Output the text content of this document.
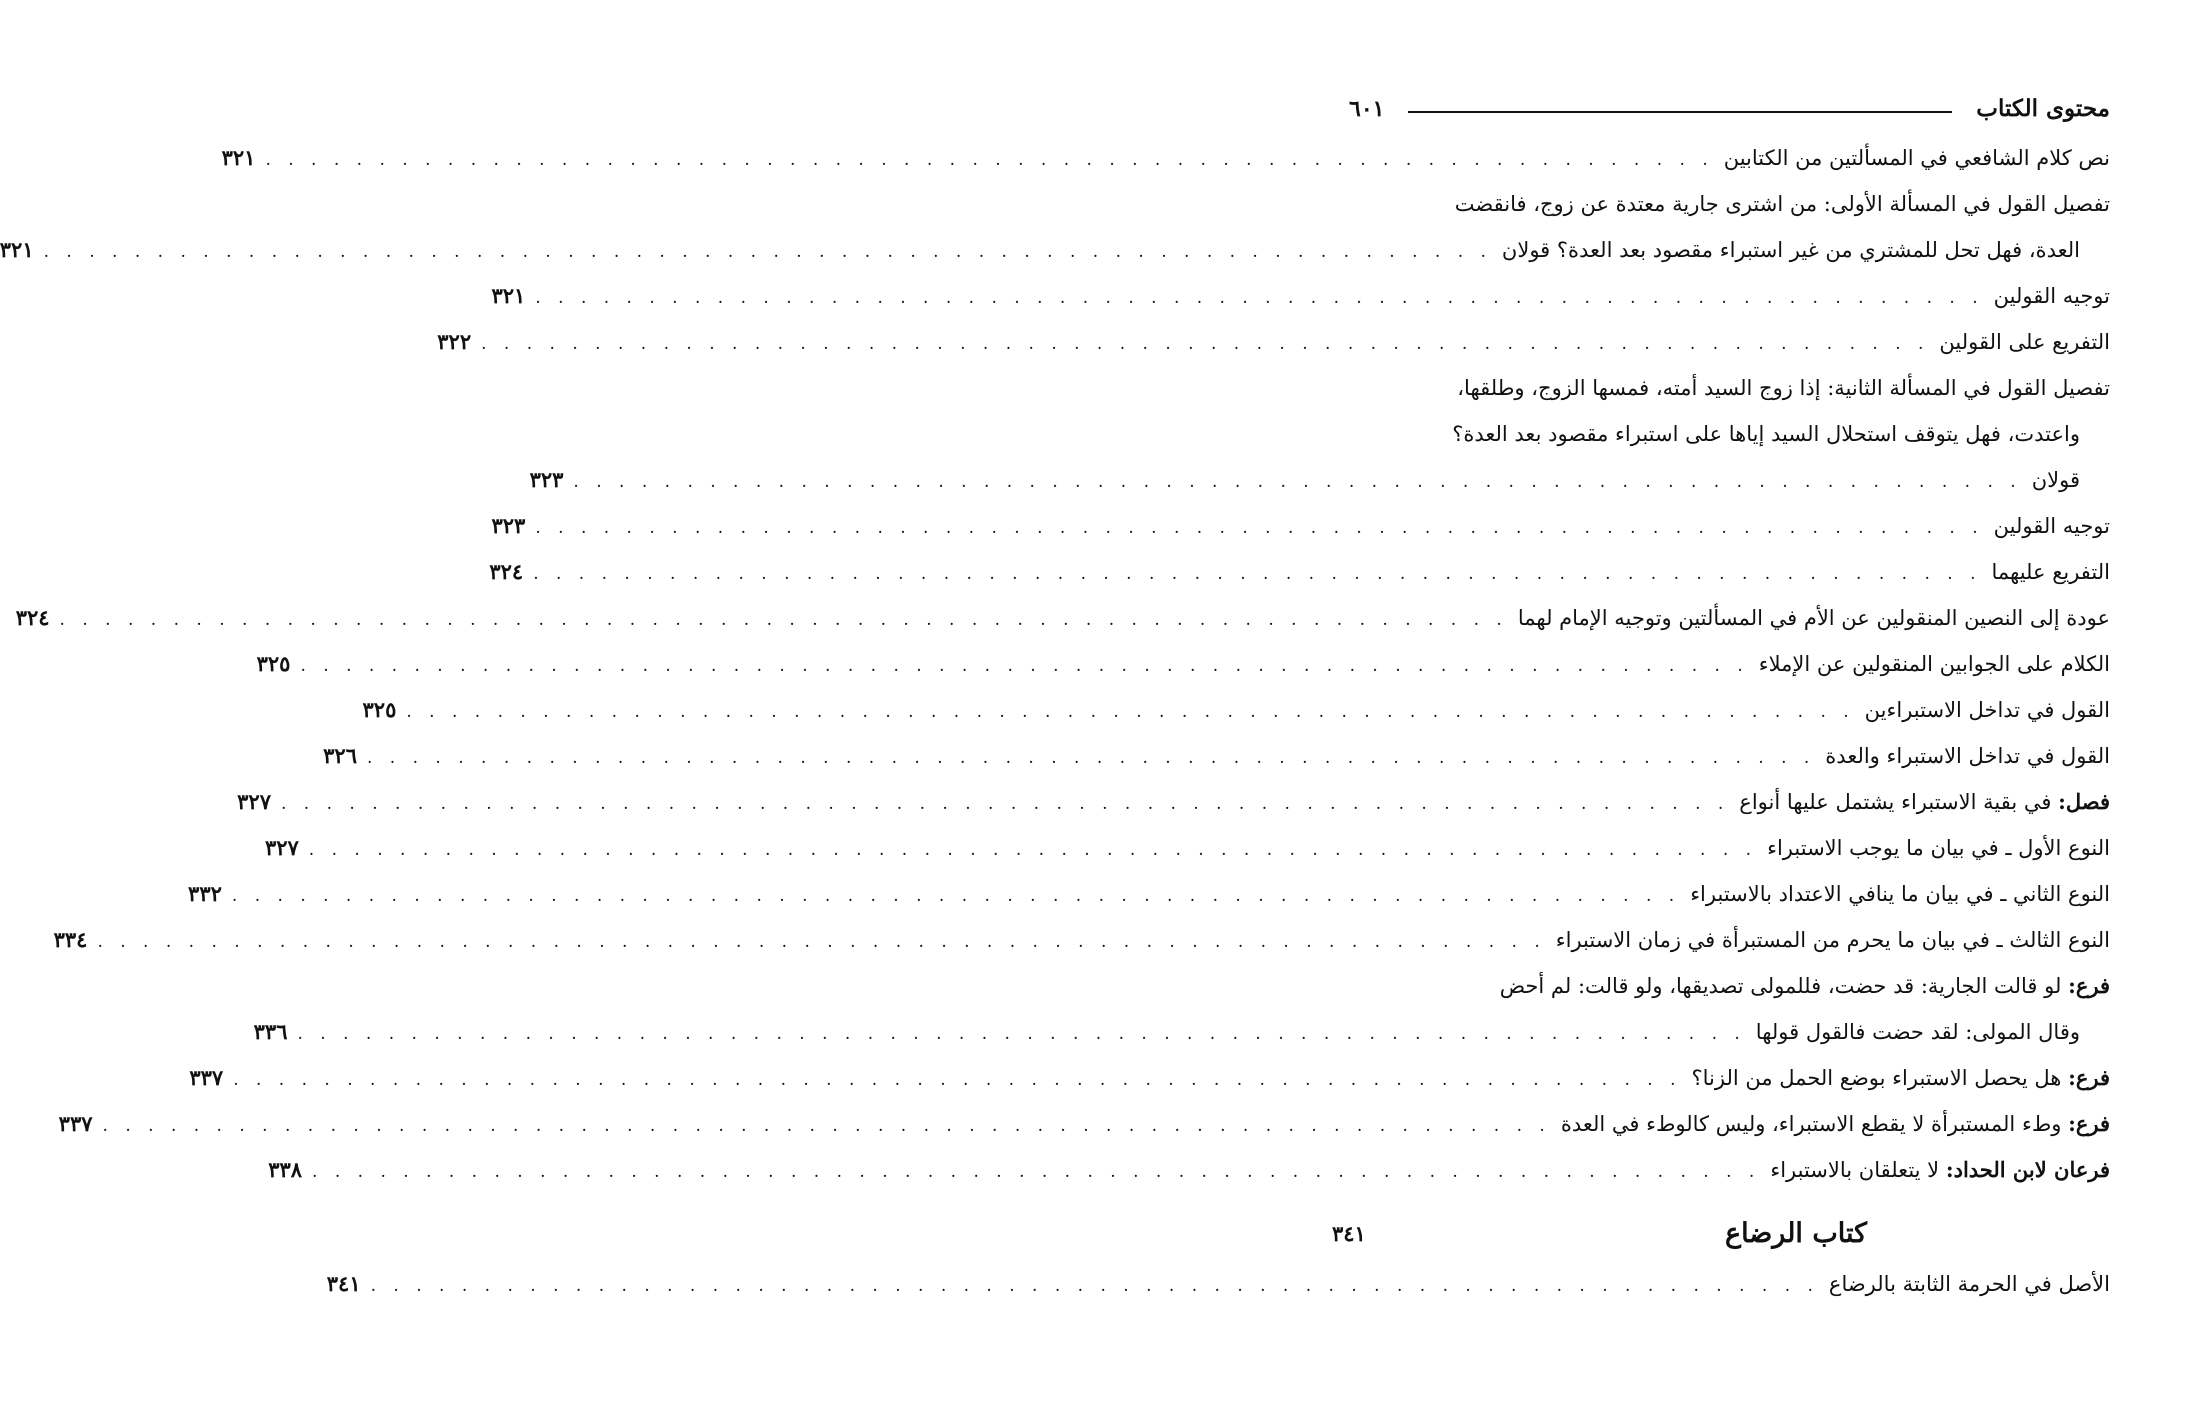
محتوى الكتاب
٦٠١
نص كلام الشافعي في المسألتين من الكتابين
. . . . . . . . . . . . . . . . . . . . . . . . . . . . . . . . . . . . . . . . . . . . . . . . . . . . . . . . . . . . . . . .
٣٢١
تفصيل القول في المسألة الأولى: من اشترى جارية معتدة عن زوج، فانقضت
العدة، فهل تحل للمشتري من غير استبراء مقصود بعد العدة؟ قولان
. . . . . . . . . . . . . . . . . . . . . . . . . . . . . . . . . . . . . . . . . . . . . . . . . . . . . . . . . . . . . . . .
٣٢١
توجيه القولين
. . . . . . . . . . . . . . . . . . . . . . . . . . . . . . . . . . . . . . . . . . . . . . . . . . . . . . . . . . . . . . . .
٣٢١
التفريع على القولين
. . . . . . . . . . . . . . . . . . . . . . . . . . . . . . . . . . . . . . . . . . . . . . . . . . . . . . . . . . . . . . . .
٣٢٢
تفصيل القول في المسألة الثانية: إذا زوج السيد أمته، فمسها الزوج، وطلقها،
واعتدت، فهل يتوقف استحلال السيد إياها على استبراء مقصود بعد العدة؟
قولان
. . . . . . . . . . . . . . . . . . . . . . . . . . . . . . . . . . . . . . . . . . . . . . . . . . . . . . . . . . . . . . . .
٣٢٣
توجيه القولين
. . . . . . . . . . . . . . . . . . . . . . . . . . . . . . . . . . . . . . . . . . . . . . . . . . . . . . . . . . . . . . . .
٣٢٣
التفريع عليهما
. . . . . . . . . . . . . . . . . . . . . . . . . . . . . . . . . . . . . . . . . . . . . . . . . . . . . . . . . . . . . . . .
٣٢٤
عودة إلى النصين المنقولين عن الأم في المسألتين وتوجيه الإمام لهما
. . . . . . . . . . . . . . . . . . . . . . . . . . . . . . . . . . . . . . . . . . . . . . . . . . . . . . . . . . . . . . . .
٣٢٤
الكلام على الجوابين المنقولين عن الإملاء
. . . . . . . . . . . . . . . . . . . . . . . . . . . . . . . . . . . . . . . . . . . . . . . . . . . . . . . . . . . . . . . .
٣٢٥
القول في تداخل الاستبراءين
. . . . . . . . . . . . . . . . . . . . . . . . . . . . . . . . . . . . . . . . . . . . . . . . . . . . . . . . . . . . . . . .
٣٢٥
القول في تداخل الاستبراء والعدة
. . . . . . . . . . . . . . . . . . . . . . . . . . . . . . . . . . . . . . . . . . . . . . . . . . . . . . . . . . . . . . . .
٣٢٦
فصل: في بقية الاستبراء يشتمل عليها أنواع
. . . . . . . . . . . . . . . . . . . . . . . . . . . . . . . . . . . . . . . . . . . . . . . . . . . . . . . . . . . . . . . .
٣٢٧
النوع الأول ـ في بيان ما يوجب الاستبراء
. . . . . . . . . . . . . . . . . . . . . . . . . . . . . . . . . . . . . . . . . . . . . . . . . . . . . . . . . . . . . . . .
٣٢٧
النوع الثاني ـ في بيان ما ينافي الاعتداد بالاستبراء
. . . . . . . . . . . . . . . . . . . . . . . . . . . . . . . . . . . . . . . . . . . . . . . . . . . . . . . . . . . . . . . .
٣٣٢
النوع الثالث ـ في بيان ما يحرم من المستبرأة في زمان الاستبراء
. . . . . . . . . . . . . . . . . . . . . . . . . . . . . . . . . . . . . . . . . . . . . . . . . . . . . . . . . . . . . . . .
٣٣٤
فرع: لو قالت الجارية: قد حضت، فللمولى تصديقها، ولو قالت: لم أحض
وقال المولى: لقد حضت فالقول قولها
. . . . . . . . . . . . . . . . . . . . . . . . . . . . . . . . . . . . . . . . . . . . . . . . . . . . . . . . . . . . . . . .
٣٣٦
فرع: هل يحصل الاستبراء بوضع الحمل من الزنا؟
. . . . . . . . . . . . . . . . . . . . . . . . . . . . . . . . . . . . . . . . . . . . . . . . . . . . . . . . . . . . . . . .
٣٣٧
فرع: وطء المستبرأة لا يقطع الاستبراء، وليس كالوطء في العدة
. . . . . . . . . . . . . . . . . . . . . . . . . . . . . . . . . . . . . . . . . . . . . . . . . . . . . . . . . . . . . . . .
٣٣٧
فرعان لابن الحداد: لا يتعلقان بالاستبراء
. . . . . . . . . . . . . . . . . . . . . . . . . . . . . . . . . . . . . . . . . . . . . . . . . . . . . . . . . . . . . . . .
٣٣٨
كتاب الرضاع
٣٤١
الأصل في الحرمة الثابتة بالرضاع
. . . . . . . . . . . . . . . . . . . . . . . . . . . . . . . . . . . . . . . . . . . . . . . . . . . . . . . . . . . . . . . .
٣٤١
